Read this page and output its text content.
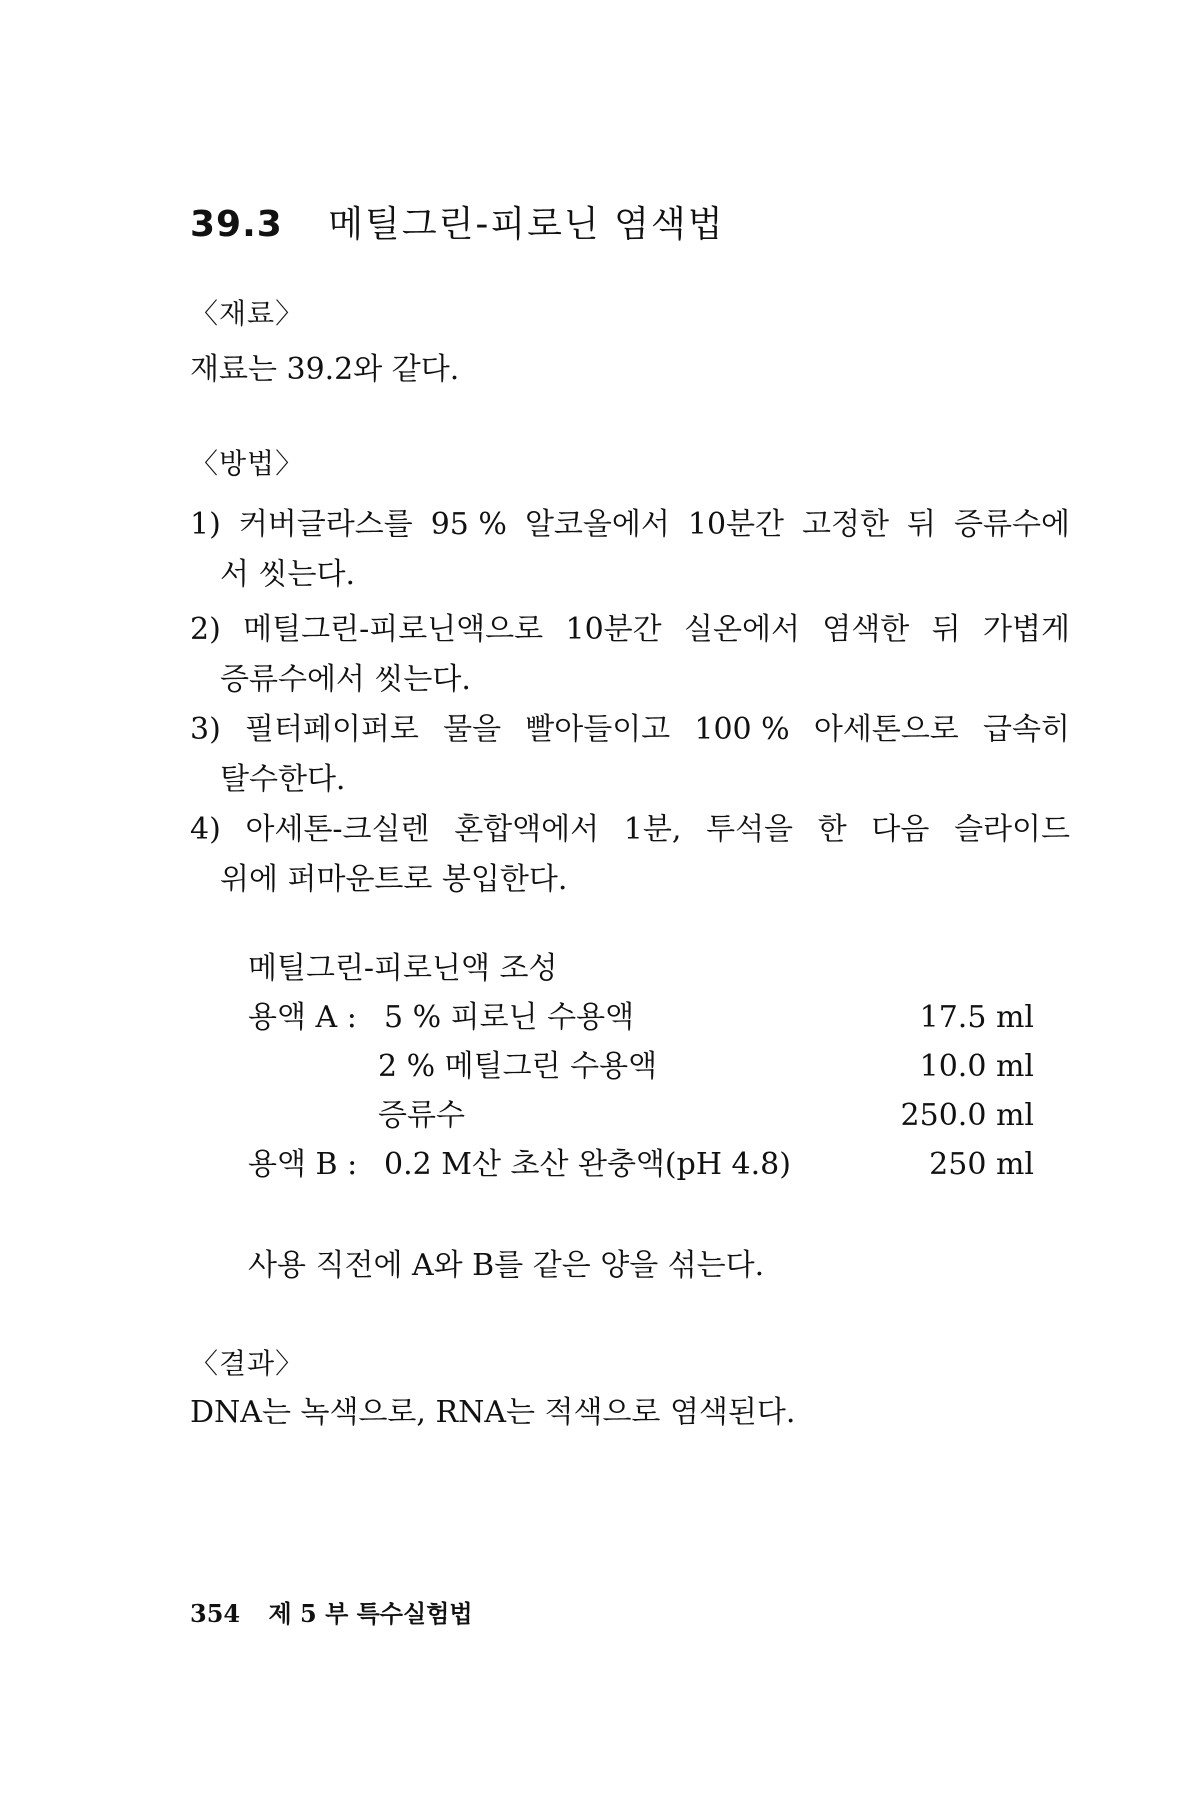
39.3 메틸그린-피로닌 염색법
〈재료〉
재료는 39.2와 같다.
〈방법〉
1) 커버글라스를 95 % 알코올에서 10분간 고정한 뒤 증류수에
서 씻는다.
2) 메틸그린-피로닌액으로 10분간 실온에서 염색한 뒤 가볍게
증류수에서 씻는다.
3) 필터페이퍼로 물을 빨아들이고 100 % 아세톤으로 급속히
탈수한다.
4) 아세톤-크실렌 혼합액에서 1분, 투석을 한 다음 슬라이드
위에 퍼마운트로 봉입한다.
메틸그린-피로닌액 조성
용액 A : 5 % 피로닌 수용액	17.5 ml
2 % 메틸그린 수용액	10.0 ml
증류수	250.0 ml
용액 B : 0.2 M산 초산 완충액(pH 4.8)	250 ml
사용 직전에 A와 B를 같은 양을 섞는다.
〈결과〉
DNA는 녹색으로, RNA는 적색으로 염색된다.
354 제 5 부 특수실험법
